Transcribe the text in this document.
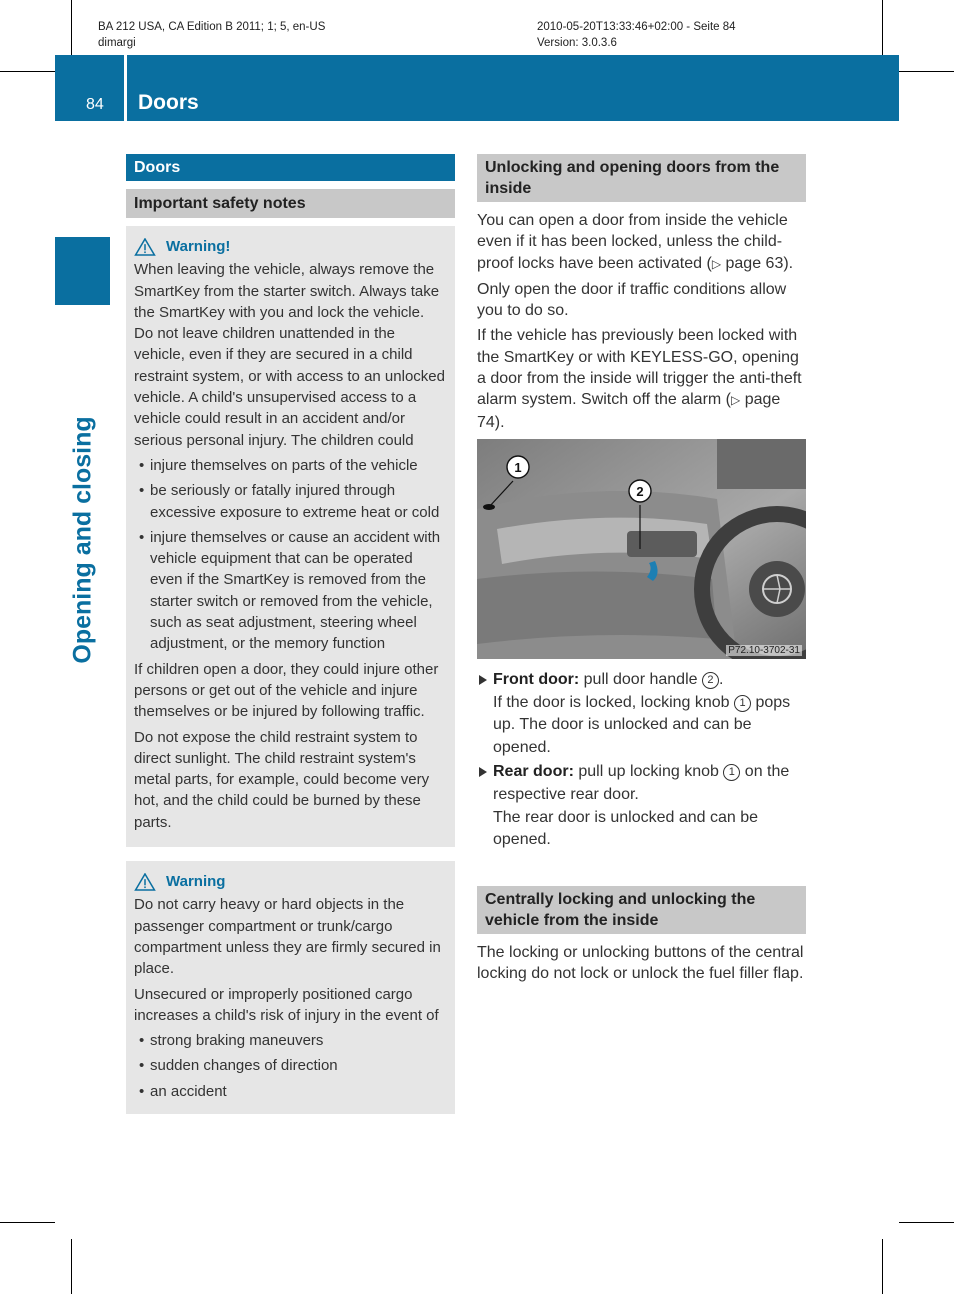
BA 212 USA, CA Edition B 2011; 1; 5, en-US
dimargi
2010-05-20T13:33:46+02:00 - Seite 84
Version: 3.0.3.6
84 Doors
Opening and closing
Doors
Important safety notes
Warning!

When leaving the vehicle, always remove the SmartKey from the starter switch. Always take the SmartKey with you and lock the vehicle. Do not leave children unattended in the vehicle, even if they are secured in a child restraint system, or with access to an unlocked vehicle. A child's unsupervised access to a vehicle could result in an accident and/or serious personal injury. The children could

• injure themselves on parts of the vehicle
• be seriously or fatally injured through excessive exposure to extreme heat or cold
• injure themselves or cause an accident with vehicle equipment that can be operated even if the SmartKey is removed from the starter switch or removed from the vehicle, such as seat adjustment, steering wheel adjustment, or the memory function

If children open a door, they could injure other persons or get out of the vehicle and injure themselves or be injured by following traffic.

Do not expose the child restraint system to direct sunlight. The child restraint system's metal parts, for example, could become very hot, and the child could be burned by these parts.

Warning

Do not carry heavy or hard objects in the passenger compartment or trunk/cargo compartment unless they are firmly secured in place.

Unsecured or improperly positioned cargo increases a child's risk of injury in the event of

• strong braking maneuvers
• sudden changes of direction
• an accident
Unlocking and opening doors from the inside

You can open a door from inside the vehicle even if it has been locked, unless the child-proof locks have been activated (▷ page 63).

Only open the door if traffic conditions allow you to do so.

If the vehicle has previously been locked with the SmartKey or with KEYLESS-GO, opening a door from the inside will trigger the anti-theft alarm system. Switch off the alarm (▷ page 74).

1
2
P72.10-3702-31
Front door: pull door handle 2 .
If the door is locked, locking knob 1 pops up. The door is unlocked and can be opened.
Rear door: pull up locking knob 1 on the respective rear door.
The rear door is unlocked and can be opened.
Centrally locking and unlocking the vehicle from the inside

The locking or unlocking buttons of the central locking do not lock or unlock the fuel filler flap.
